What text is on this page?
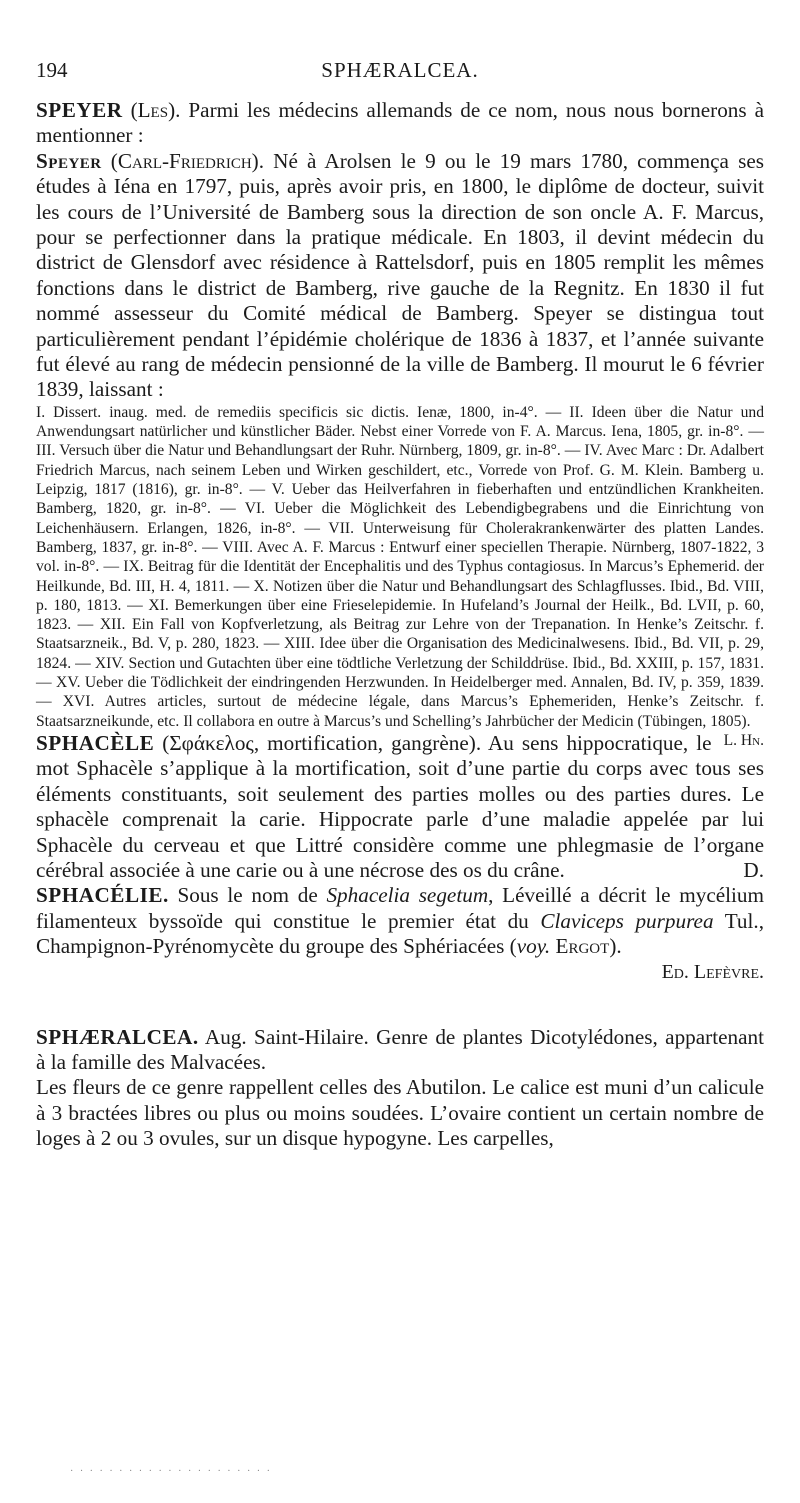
194	SPHÆRALCEA.

SPEYER (Les). Parmi les médecins allemands de ce nom, nous nous bornerons à mentionner :

Speyer (Carl-Friedrich). Né à Arolsen le 9 ou le 19 mars 1780, commença ses études à Iéna en 1797, puis, après avoir pris, en 1800, le diplôme de docteur, suivit les cours de l’Université de Bamberg sous la direction de son oncle A. F. Marcus, pour se perfectionner dans la pratique médicale. En 1803, il devint médecin du district de Glensdorf avec résidence à Rattelsdorf, puis en 1805 remplit les mêmes fonctions dans le district de Bamberg, rive gauche de la Regnitz. En 1830 il fut nommé assesseur du Comité médical de Bamberg. Speyer se distingua tout particulièrement pendant l’épidémie cholérique de 1836 à 1837, et l’année suivante fut élevé au rang de médecin pensionné de la ville de Bamberg. Il mourut le 6 février 1839, laissant :

I. Dissert. inaug. med. de remediis specificis sic dictis. Ienæ, 1800, in-4°. — II. Ideen über die Natur und Anwendungsart natürlicher und künstlicher Bäder. Nebst einer Vorrede von F. A. Marcus. Iena, 1805, gr. in-8°. — III. Versuch über die Natur und Behandlungsart der Ruhr. Nürnberg, 1809, gr. in-8°. — IV. Avec Marc : Dr. Adalbert Friedrich Marcus, nach seinem Leben und Wirken geschildert, etc., Vorrede von Prof. G. M. Klein. Bamberg u. Leipzig, 1817 (1816), gr. in-8°. — V. Ueber das Heilverfahren in fieberhaften und entzündlichen Krankheiten. Bamberg, 1820, gr. in-8°. — VI. Ueber die Möglichkeit des Lebendigbegrabens und die Einrichtung von Leichenhäusern. Erlangen, 1826, in-8°. — VII. Unterweisung für Cholerakrankenwärter des platten Landes. Bamberg, 1837, gr. in-8°. — VIII. Avec A. F. Marcus : Entwurf einer speciellen Therapie. Nürnberg, 1807-1822, 3 vol. in-8°. — IX. Beitrag für die Identität der Encephalitis und des Typhus contagiosus. In Marcus’s Ephemerid. der Heilkunde, Bd. III, H. 4, 1811. — X. Notizen über die Natur und Behandlungsart des Schlagflusses. Ibid., Bd. VIII, p. 180, 1813. — XI. Bemerkungen über eine Frieselepidemie. In Hufeland’s Journal der Heilk., Bd. LVII, p. 60, 1823. — XII. Ein Fall von Kopfverletzung, als Beitrag zur Lehre von der Trepanation. In Henke’s Zeitschr. f. Staatsarzneik., Bd. V, p. 280, 1823. — XIII. Idee über die Organisation des Medicinalwesens. Ibid., Bd. VII, p. 29, 1824. — XIV. Section und Gutachten über eine tödtliche Verletzung der Schilddrüse. Ibid., Bd. XXIII, p. 157, 1831. — XV. Ueber die Tödlichkeit der eindringenden Herzwunden. In Heidelberger med. Annalen, Bd. IV, p. 359, 1839. — XVI. Autres articles, surtout de médecine légale, dans Marcus’s Ephemeriden, Henke’s Zeitschr. f. Staatsarzneikunde, etc. Il collabora en outre à Marcus’s und Schelling’s Jahrbücher der Medicin (Tübingen, 1805).
L. Hn.

SPHACÈLE (Σφάκελος, mortification, gangrène). Au sens hippocratique, le mot Sphacèle s’applique à la mortification, soit d’une partie du corps avec tous ses éléments constituants, soit seulement des parties molles ou des parties dures. Le sphacèle comprenait la carie. Hippocrate parle d’une maladie appelée par lui Sphacèle du cerveau et que Littré considère comme une phlegmasie de l’organe cérébral associée à une carie ou à une nécrose des os du crâne.	D.

SPHACÉLIE. Sous le nom de Sphacelia segetum, Léveillé a décrit le mycélium filamenteux byssoïde qui constitue le premier état du Claviceps purpurea Tul., Champignon-Pyrénomycète du groupe des Sphériacées (voy. Ergot).

Ed. Lefèvre.

SPHÆRALCEA. Aug. Saint-Hilaire. Genre de plantes Dicotylédones, appartenant à la famille des Malvacées.

Les fleurs de ce genre rappellent celles des Abutilon. Le calice est muni d’un calicule à 3 bractées libres ou plus ou moins soudées. L’ovaire contient un certain nombre de loges à 2 ou 3 ovules, sur un disque hypogyne. Les carpelles,

· · · · · · · · · · · · · · · · · · · · ·
